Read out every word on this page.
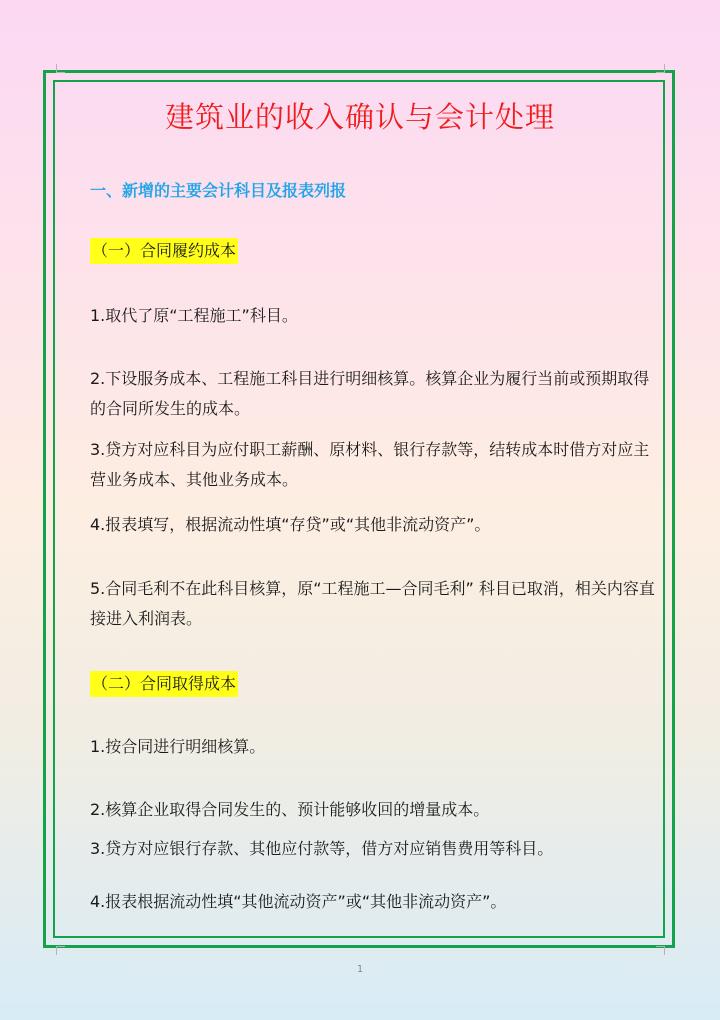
建筑业的收入确认与会计处理
一、新增的主要会计科目及报表列报
（一）合同履约成本
1.取代了原“工程施工”科目。
2.下设服务成本、工程施工科目进行明细核算。核算企业为履行当前或预期取得的合同所发生的成本。
3.贷方对应科目为应付职工薪酬、原材料、银行存款等，结转成本时借方对应主营业务成本、其他业务成本。
4.报表填写，根据流动性填“存贷”或“其他非流动资产”。
5.合同毛利不在此科目核算，原“工程施工—合同毛利” 科目已取消，相关内容直接进入利润表。
（二）合同取得成本
1.按合同进行明细核算。
2.核算企业取得合同发生的、预计能够收回的增量成本。
3.贷方对应银行存款、其他应付款等，借方对应销售费用等科目。
4.报表根据流动性填“其他流动资产”或“其他非流动资产”。
1
